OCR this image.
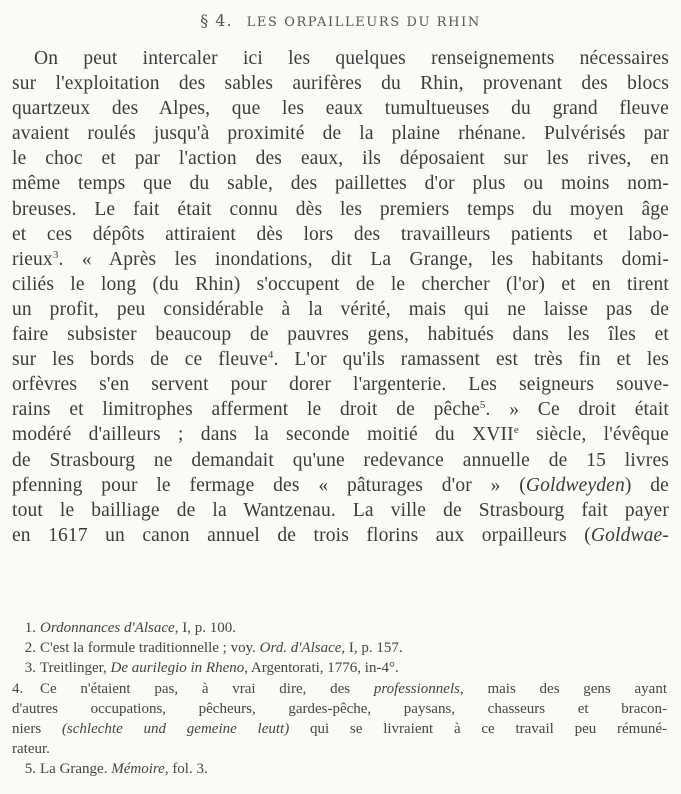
§ 4. LES ORPAILLEURS DU RHIN
On peut intercaler ici les quelques renseignements nécessaires
sur l'exploitation des sables aurifères du Rhin, provenant des blocs
quartzeux des Alpes, que les eaux tumultueuses du grand fleuve
avaient roulés jusqu'à proximité de la plaine rhénane. Pulvérisés par
le choc et par l'action des eaux, ils déposaient sur les rives, en
même temps que du sable, des paillettes d'or plus ou moins nom-
breuses. Le fait était connu dès les premiers temps du moyen âge
et ces dépôts attiraient dès lors des travailleurs patients et labo-
rieux$^3$. « Après les inondations, dit La Grange, les habitants domi-
ciliés le long (du Rhin) s'occupent de le chercher (l'or) et en tirent
un profit, peu considérable à la vérité, mais qui ne laisse pas de
faire subsister beaucoup de pauvres gens, habitués dans les îles et
sur les bords de ce fleuve$^4$. L'or qu'ils ramassent est très fin et les
orfèvres s'en servent pour dorer l'argenterie. Les seigneurs souve-
rains et limitrophes afferment le droit de pêche$^5$. » Ce droit était
modéré d'ailleurs ; dans la seconde moitié du XVIIe siècle, l'évêque
de Strasbourg ne demandait qu'une redevance annuelle de 15 livres
pfenning pour le fermage des « pâturages d'or » (Goldweyden) de
tout le bailliage de la Wantzenau. La ville de Strasbourg fait payer
en 1617 un canon annuel de trois florins aux orpailleurs (Goldwae-
1. Ordonnances d'Alsace, I, p. 100.
2. C'est la formule traditionnelle ; voy. Ord. d'Alsace, I, p. 157.
3. Treitlinger, De aurilegio in Rheno, Argentorati, 1776, in-4°.
4. Ce n'étaient pas, à vrai dire, des professionnels, mais des gens ayant
d'autres occupations, pêcheurs, gardes-pêche, paysans, chasseurs et bracon-
niers (schlechte und gemeine leutt) qui se livraient à ce travail peu rémuné-
rateur.
5. La Grange. Mémoire, fol. 3.
